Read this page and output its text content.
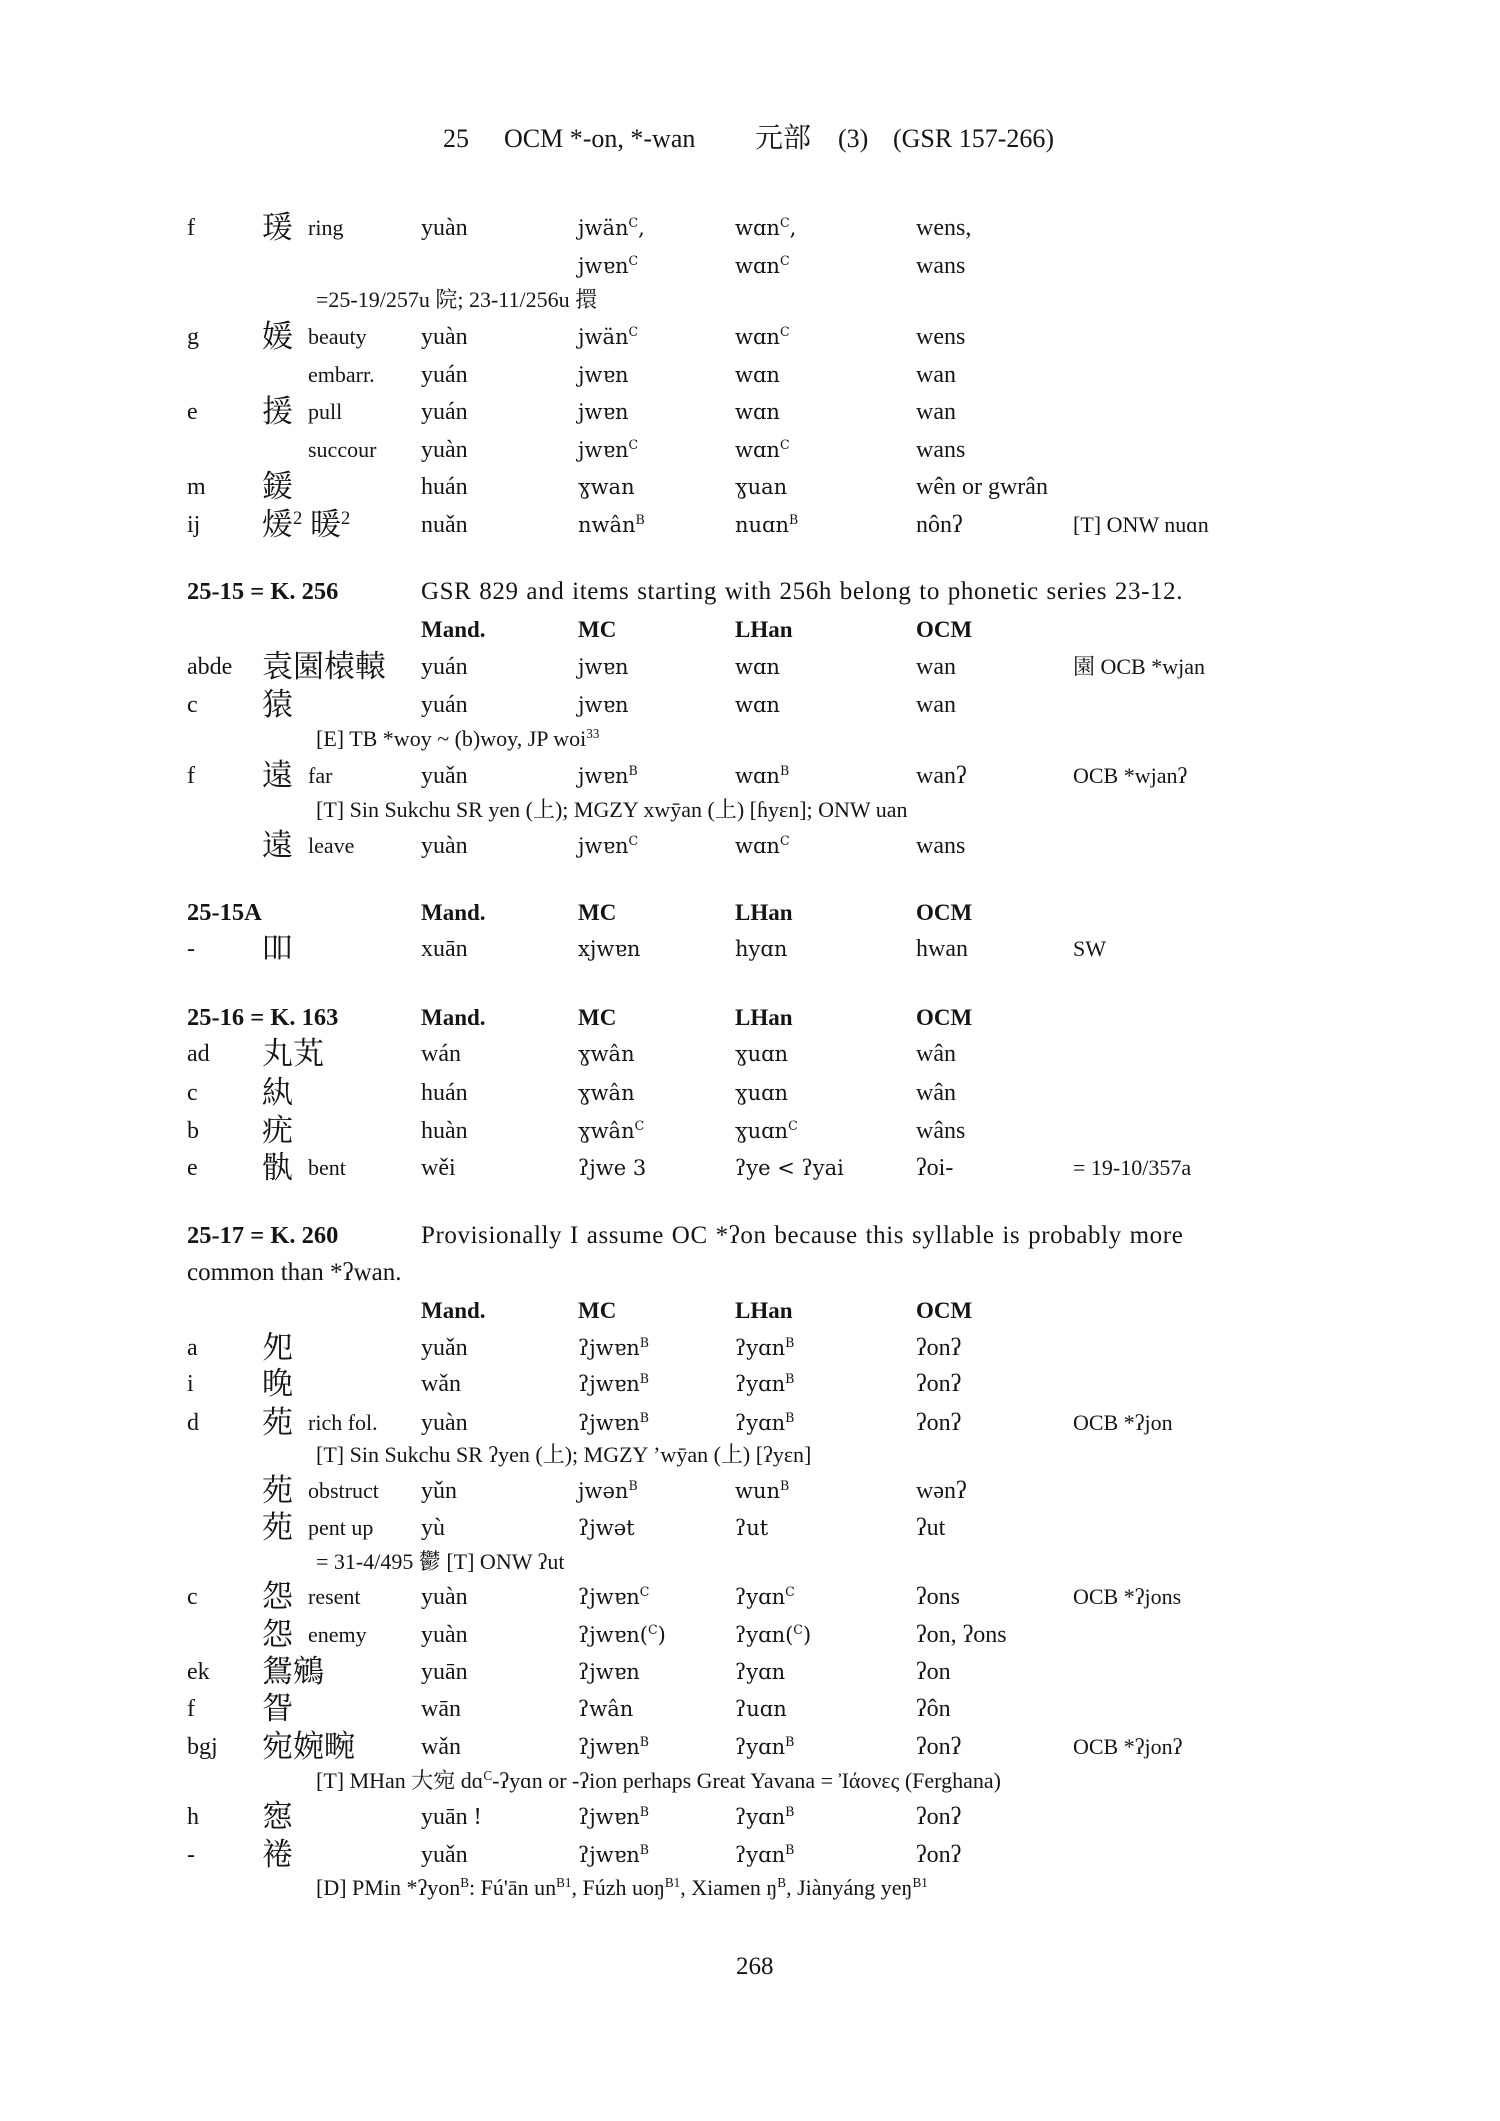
25 OCM *-on, *-wan 元部 (3) (GSR 157-266)
f 瑗 ring	yuàn	jwän$^C$,	wɑn$^C$,	wens,
jwɐn$^C$	wɑn$^C$	wans
=25-19/257u 院; 23-11/256u 擐
g 媛 beauty yuàn	jwän$^C$	wɑn$^C$	wens
embarr. yuán	jwɐn	wɑn	wan
e 援 pull	yuán	jwɐn	wɑn	wan
succour yuàn	jwɐn$^C$	wɑn$^C$	wans
m 鍰	huán	ɣwan	ɣuan	wên or gwrân
ij 煖$^2$ 暖$^2$	nuǎn	nwân$^B$	nuɑn$^B$	nônʔ	[T] ONW nuɑn
25-15 = K. 256	GSR 829 and items starting with 256h belong to phonetic series 23-12.
Mand.	MC	LHan	OCM
abde 袁園榬轅 yuán	jwɐn	wɑn	wan	園 OCB *wjan
c 猿	yuán	jwɐn	wɑn	wan
[E] TB *woy ~ (b)woy, JP woi$^{33}$
f 遠 far	yuǎn	jwɐn$^B$	wɑn$^B$	wanʔ	OCB *wjanʔ
[T] Sin Sukchu SR yen (上); MGZY xwȳan (上) [ɦyɛn]; ONW uan
遠 leave	yuàn	jwɐn$^C$	wɑn$^C$	wans
25-15A	Mand.	MC	LHan	OCM
- 吅	xuān	xjwɐn	hyɑn	hwan	SW
25-16 = K. 163	Mand.	MC	LHan	OCM
ad 丸芄	wán	ɣwân	ɣuɑn	wân
c 紈	huán	ɣwân	ɣuɑn	wân
b 疣	huàn	ɣwân$^C$	ɣuɑn$^C$	wâns
e 骫 bent	wěi	ʔjwe 3	ʔye < ʔyai	ʔoi-	= 19-10/357a
25-17 = K. 260	Provisionally I assume OC *ʔon because this syllable is probably more
common than *ʔwan.
Mand.	MC	LHan	OCM
a 夗	yuǎn	ʔjwɐn$^B$	ʔyɑn$^B$	ʔonʔ
i 晚	wǎn	ʔjwɐn$^B$	ʔyɑn$^B$	ʔonʔ
d 苑 rich fol. yuàn	ʔjwɐn$^B$	ʔyɑn$^B$	ʔonʔ	OCB *ʔjon
[T] Sin Sukchu SR ʔyen (上); MGZY ’wȳan (上) [ʔyɛn]
苑 obstruct yǔn	jwən$^B$	wun$^B$	wənʔ
苑 pent up yù	ʔjwət	ʔut	ʔut
= 31-4/495 鬱 [T] ONW ʔut
c 怨 resent	yuàn	ʔjwɐn$^C$	ʔyɑn$^C$	ʔons	OCB *ʔjons
怨 enemy yuàn	ʔjwɐn($^C$)	ʔyɑn($^C$)	ʔon, ʔons
ek 鴛鵷	yuān	ʔjwɐn	ʔyɑn	ʔon
f 眢	wān	ʔwân	ʔuɑn	ʔôn
bgj 宛婉畹	wǎn	ʔjwɐn$^B$	ʔyɑn$^B$	ʔonʔ	OCB *ʔjonʔ
[T] MHan 大宛 dɑ$^C$-ʔyɑn or -ʔion perhaps Great Yavana = Ἰάονες (Ferghana)
h 惌	yuān !	ʔjwɐn$^B$	ʔyɑn$^B$	ʔonʔ
- 裷	yuǎn	ʔjwɐn$^B$	ʔyɑn$^B$	ʔonʔ
[D] PMin *ʔyon$^B$: Fú'ān $un^{B1}$, Fúzh uoŋ$^{B1}$, Xiamen $ŋ^B$, Jiànyáng yeŋ$^{B1}$
268
